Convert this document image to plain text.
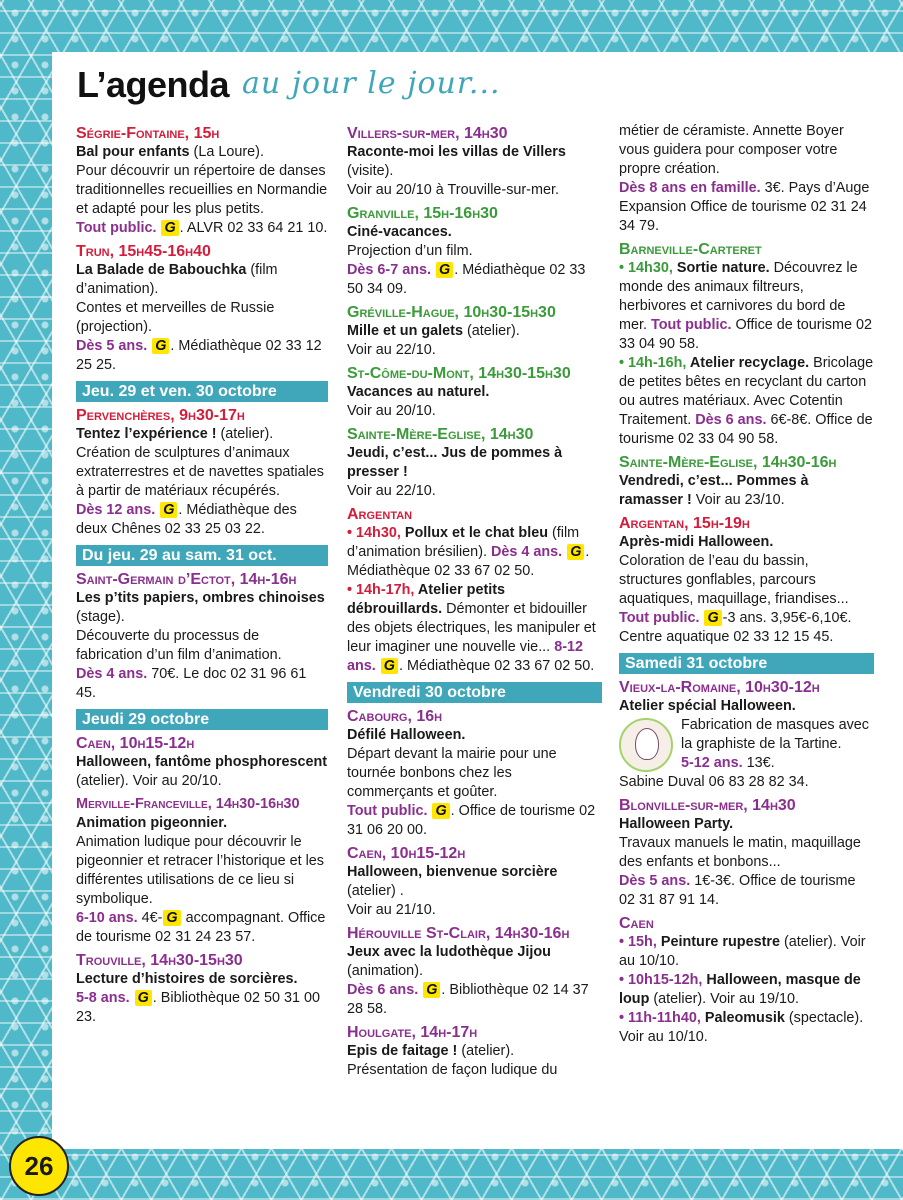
L’agenda au jour le jour...
Ségrie-Fontaine, 15h
Bal pour enfants (La Loure).
Pour découvrir un répertoire de danses traditionnelles recueillies en Normandie et adapté pour les plus petits.
Tout public. G . ALVR 02 33 64 21 10.
Trun, 15h45-16h40
La Balade de Babouchka (film d’animation).
Contes et merveilles de Russie (projection).
Dès 5 ans. G . Médiathèque 02 33 12 25 25.
Jeu. 29 et ven. 30 octobre
Pervenchères, 9h30-17h
Tentez l’expérience ! (atelier).
Création de sculptures d’animaux extraterrestres et de navettes spatiales à partir de matériaux récupérés.
Dès 12 ans. G . Médiathèque des deux Chênes 02 33 25 03 22.
Du jeu. 29 au sam. 31 oct.
Saint-Germain d’Ectot, 14h-16h
Les p’tits papiers, ombres chinoises (stage).
Découverte du processus de fabrication d’un film d’animation.
Dès 4 ans. 70€. Le doc 02 31 96 61 45.
Jeudi 29 octobre
Caen, 10h15-12h
Halloween, fantôme phosphorescent (atelier). Voir au 20/10.
Merville-Franceville, 14h30-16h30
Animation pigeonnier.
Animation ludique pour découvrir le pigeonnier et retracer l’historique et les différentes utilisations de ce lieu si symbolique.
6-10 ans. 4€- G accompagnant. Office de tourisme 02 31 24 23 57.
Trouville, 14h30-15h30
Lecture d’histoires de sorcières.
5-8 ans. G . Bibliothèque 02 50 31 00 23.
Villers-sur-mer, 14h30
Raconte-moi les villas de Villers (visite).
Voir au 20/10 à Trouville-sur-mer.
Granville, 15h-16h30
Ciné-vacances.
Projection d’un film.
Dès 6-7 ans. G . Médiathèque 02 33 50 34 09.
Gréville-Hague, 10h30-15h30
Mille et un galets (atelier).
Voir au 22/10.
St-Côme-du-Mont, 14h30-15h30
Vacances au naturel.
Voir au 20/10.
Sainte-Mère-Eglise, 14h30
Jeudi, c’est... Jus de pommes à presser !
Voir au 22/10.
Argentan
• 14h30, Pollux et le chat bleu (film d’animation brésilien). Dès 4 ans. G . Médiathèque 02 33 67 02 50.
• 14h-17h, Atelier petits débrouillards. Démonter et bidouiller des objets électriques, les manipuler et leur imaginer une nouvelle vie... 8-12 ans. G . Médiathèque 02 33 67 02 50.
Vendredi 30 octobre
Cabourg, 16h
Défilé Halloween.
Départ devant la mairie pour une tournée bonbons chez les commerçants et goûter.
Tout public. G . Office de tourisme 02 31 06 20 00.
Caen, 10h15-12h
Halloween, bienvenue sorcière (atelier) .
Voir au 21/10.
Hérouville St-Clair, 14h30-16h
Jeux avec la ludothèque Jijou (animation).
Dès 6 ans. G . Bibliothèque 02 14 37 28 58.
Houlgate, 14h-17h
Epis de faitage ! (atelier).
Présentation de façon ludique du
métier de céramiste. Annette Boyer vous guidera pour composer votre propre création.
Dès 8 ans en famille. 3€. Pays d’Auge Expansion Office de tourisme 02 31 24 34 79.
Barneville-Carteret
• 14h30, Sortie nature. Découvrez le monde des animaux filtreurs, herbivores et carnivores du bord de mer. Tout public. Office de tourisme 02 33 04 90 58.
• 14h-16h, Atelier recyclage. Bricolage de petites bêtes en recyclant du carton ou autres matériaux. Avec Cotentin Traitement. Dès 6 ans. 6€-8€. Office de tourisme 02 33 04 90 58.
Sainte-Mère-Eglise, 14h30-16h
Vendredi, c’est... Pommes à ramasser ! Voir au 23/10.
Argentan, 15h-19h
Après-midi Halloween.
Coloration de l’eau du bassin, structures gonflables, parcours aquatiques, maquillage, friandises...
Tout public. G -3 ans. 3,95€-6,10€. Centre aquatique 02 33 12 15 45.
Samedi 31 octobre
Vieux-la-Romaine, 10h30-12h
Atelier spécial Halloween.

Fabrication de masques avec la graphiste de la Tartine.
5-12 ans. 13€.
Sabine Duval 06 83 28 82 34.
Blonville-sur-mer, 14h30
Halloween Party.
Travaux manuels le matin, maquillage des enfants et bonbons...
Dès 5 ans. 1€-3€. Office de tourisme 02 31 87 91 14.
Caen
• 15h, Peinture rupestre (atelier). Voir au 10/10.
• 10h15-12h, Halloween, masque de loup (atelier). Voir au 19/10.
• 11h-11h40, Paleomusik (spectacle). Voir au 10/10.
26
